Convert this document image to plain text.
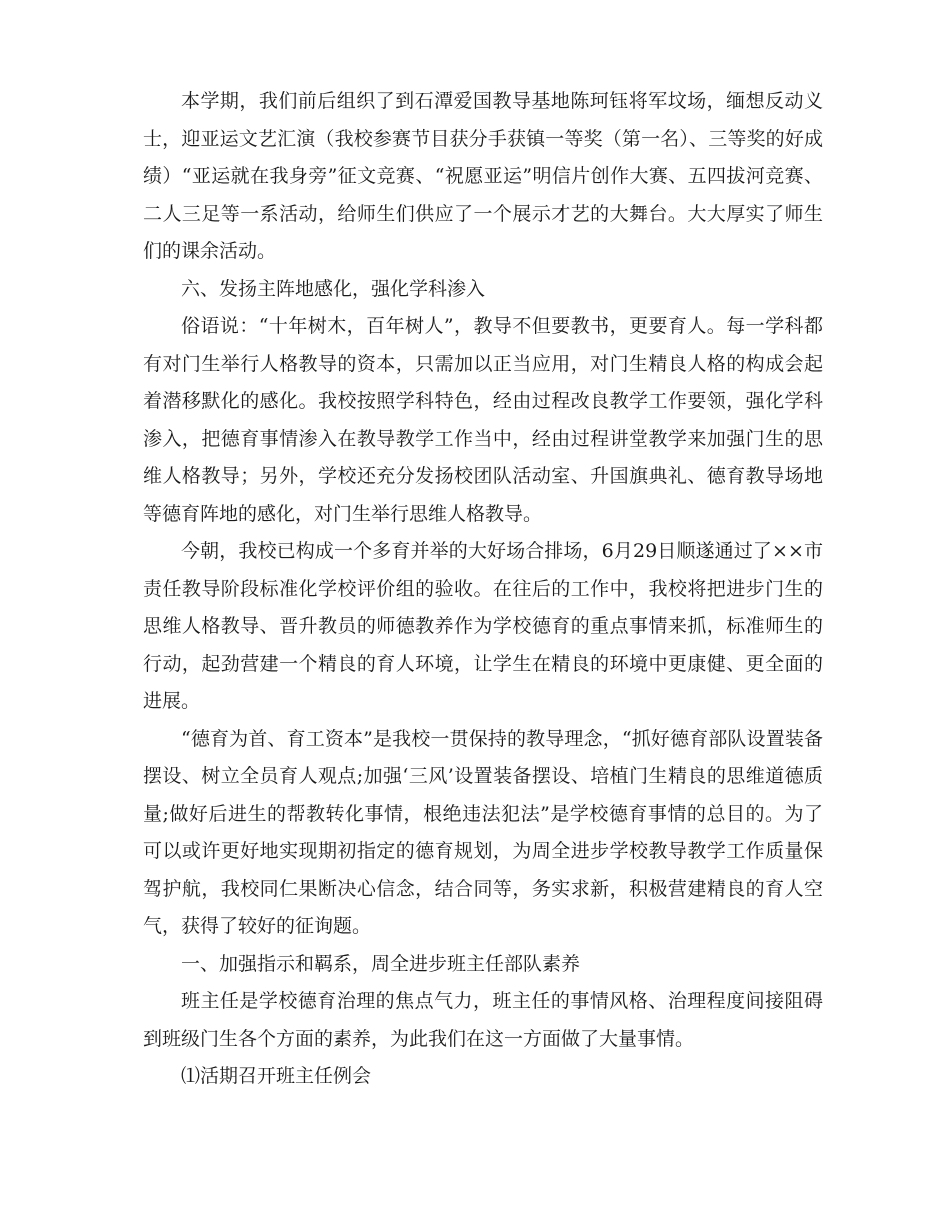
本学期，我们前后组织了到石潭爱国教导基地陈珂钰将军坟场，缅想反动义士，迎亚运文艺汇演（我校参赛节目获分手获镇一等奖（第一名）、三等奖的好成绩）“亚运就在我身旁”征文竞赛、“祝愿亚运”明信片创作大赛、五四拔河竞赛、二人三足等一系活动，给师生们供应了一个展示才艺的大舞台。大大厚实了师生们的课余活动。

六、发扬主阵地感化，强化学科渗入

俗语说：“十年树木，百年树人”，教导不但要教书，更要育人。每一学科都有对门生举行人格教导的资本，只需加以正当应用，对门生精良人格的构成会起着潜移默化的感化。我校按照学科特色，经由过程改良教学工作要领，强化学科渗入，把德育事情渗入在教导教学工作当中，经由过程讲堂教学来加强门生的思维人格教导；另外，学校还充分发扬校团队活动室、升国旗典礼、德育教导场地等德育阵地的感化，对门生举行思维人格教导。

今朝，我校已构成一个多育并举的大好场合排场，6月29日顺遂通过了××市责任教导阶段标准化学校评价组的验收。在往后的工作中，我校将把进步门生的思维人格教导、晋升教员的师德教养作为学校德育的重点事情来抓，标准师生的行动，起劲营建一个精良的育人环境，让学生在精良的环境中更康健、更全面的进展。

“德育为首、育工资本”是我校一贯保持的教导理念，“抓好德育部队设置装备摆设、树立全员育人观点;加强‘三风’设置装备摆设、培植门生精良的思维道德质量;做好后进生的帮教转化事情，根绝违法犯法”是学校德育事情的总目的。为了可以或许更好地实现期初指定的德育规划，为周全进步学校教导教学工作质量保驾护航，我校同仁果断决心信念，结合同等，务实求新，积极营建精良的育人空气，获得了较好的征询题。

一、加强指示和羁系，周全进步班主任部队素养

班主任是学校德育治理的焦点气力，班主任的事情风格、治理程度间接阻碍到班级门生各个方面的素养，为此我们在这一方面做了大量事情。

⑴活期召开班主任例会
